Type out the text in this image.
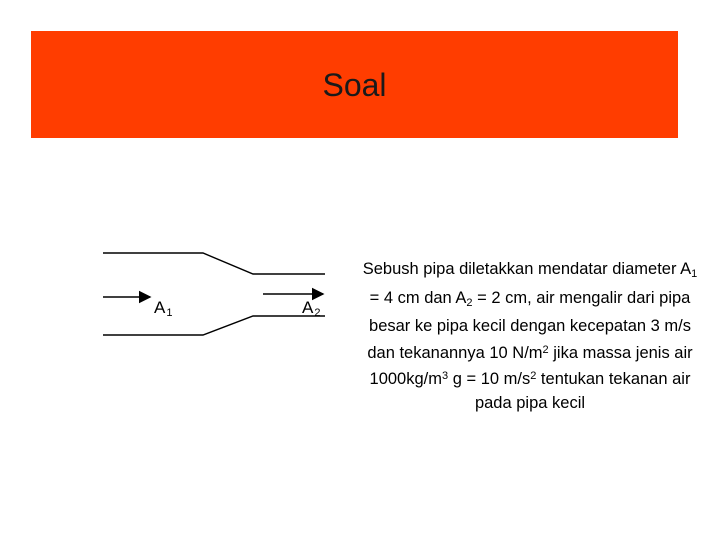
Soal
$A_1$	$A_2$
Sebush pipa diletakkan mendatar diameter $A_1 = 4$ cm dan $A_2 = 2$ cm, air mengalir dari pipa besar ke pipa kecil dengan kecepatan 3 m/s dan tekanannya 10 $N/m^2$ jika massa jenis air $1000kg/m^3$ g = 10 $m/s^2$ tentukan tekanan air pada pipa kecil
